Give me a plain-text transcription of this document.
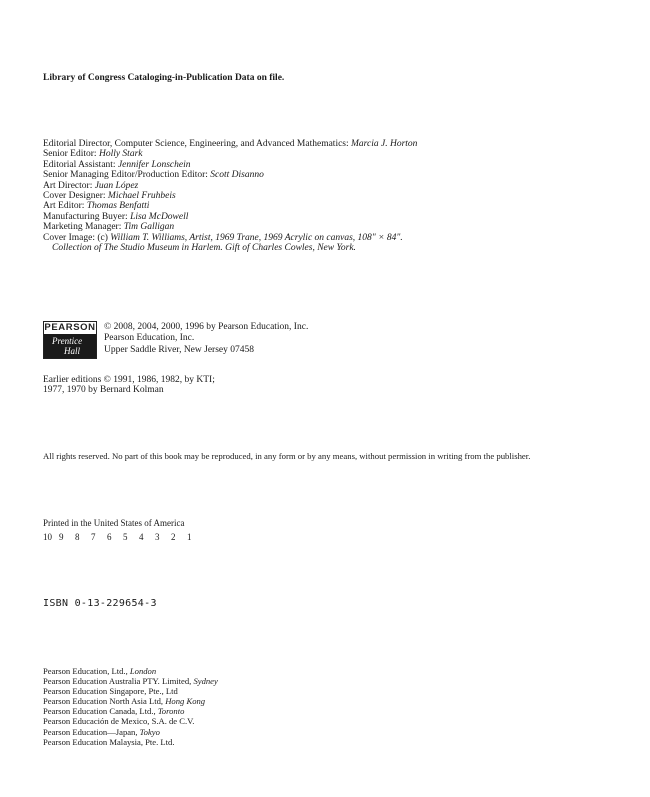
Library of Congress Cataloging-in-Publication Data on file.
Editorial Director, Computer Science, Engineering, and Advanced Mathematics: Marcia J. Horton
Senior Editor: Holly Stark
Editorial Assistant: Jennifer Lonschein
Senior Managing Editor/Production Editor: Scott Disanno
Art Director: Juan López
Cover Designer: Michael Fruhbeis
Art Editor: Thomas Benfatti
Manufacturing Buyer: Lisa McDowell
Marketing Manager: Tim Galligan
Cover Image: (c) William T. Williams, Artist, 1969 Trane, 1969 Acrylic on canvas, 108" × 84".
Collection of The Studio Museum in Harlem. Gift of Charles Cowles, New York.
PEARSON
Prentice
Hall
© 2008, 2004, 2000, 1996 by Pearson Education, Inc.
Pearson Education, Inc.
Upper Saddle River, New Jersey 07458
Earlier editions © 1991, 1986, 1982, by KTI;
1977, 1970 by Bernard Kolman
All rights reserved. No part of this book may be reproduced, in any form or by any means, without permission in writing from the publisher.
Printed in the United States of America
10 9 8 7 6 5 4 3 2 1
ISBN 0-13-229654-3
Pearson Education, Ltd., London
Pearson Education Australia PTY. Limited, Sydney
Pearson Education Singapore, Pte., Ltd
Pearson Education North Asia Ltd, Hong Kong
Pearson Education Canada, Ltd., Toronto
Pearson Educación de Mexico, S.A. de C.V.
Pearson Education—Japan, Tokyo
Pearson Education Malaysia, Pte. Ltd.
